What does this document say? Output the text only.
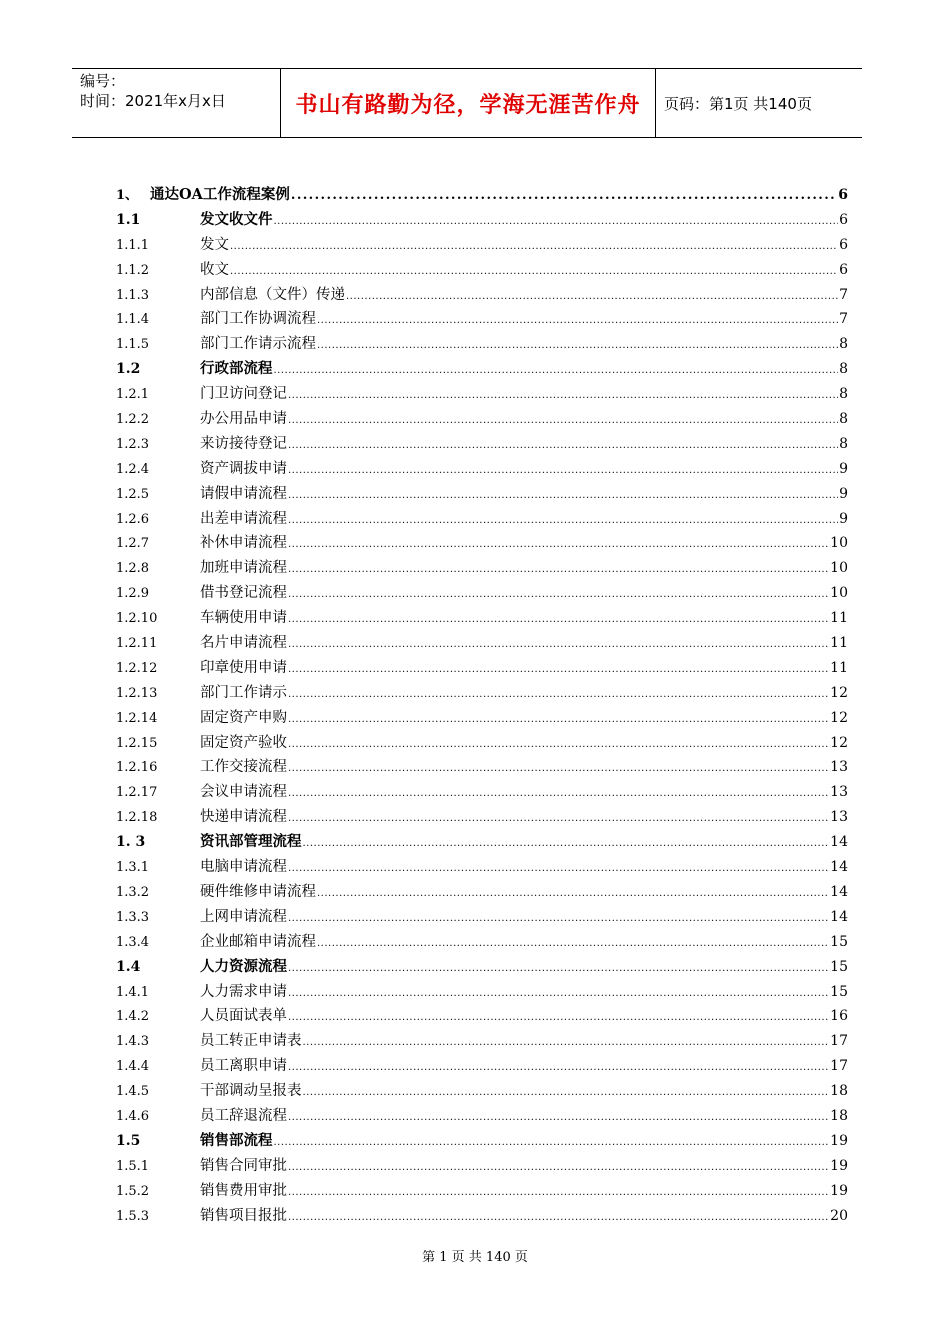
编号：
时间：2021年x月x日	书山有路勤为径，学海无涯苦作舟	页码：第1页 共140页
1、 通达OA工作流程案例 .....	6
1.1	发文收文件 .....	6
1.1.1	发文 .....	6
1.1.2	收文 .....	6
1.1.3	内部信息（文件）传递 .....	7
1.1.4	部门工作协调流程 .....	7
1.1.5	部门工作请示流程 .....	8
1.2	行政部流程 .....	8
1.2.1	门卫访问登记 .....	8
1.2.2	办公用品申请 .....	8
1.2.3	来访接待登记 .....	8
1.2.4	资产调拔申请 .....	9
1.2.5	请假申请流程 .....	9
1.2.6	出差申请流程 .....	9
1.2.7	补休申请流程 .....	10
1.2.8	加班申请流程 .....	10
1.2.9	借书登记流程 .....	10
1.2.10	车辆使用申请 .....	11
1.2.11	名片申请流程 .....	11
1.2.12	印章使用申请 .....	11
1.2.13	部门工作请示 .....	12
1.2.14	固定资产申购 .....	12
1.2.15	固定资产验收 .....	12
1.2.16	工作交接流程 .....	13
1.2.17	会议申请流程 .....	13
1.2.18	快递申请流程 .....	13
1. 3	资讯部管理流程 .....	14
1.3.1	电脑申请流程 .....	14
1.3.2	硬件维修申请流程 .....	14
1.3.3	上网申请流程 .....	14
1.3.4	企业邮箱申请流程 .....	15
1.4	人力资源流程 .....	15
1.4.1	人力需求申请 .....	15
1.4.2	人员面试表单 .....	16
1.4.3	员工转正申请表 .....	17
1.4.4	员工离职申请 .....	17
1.4.5	干部调动呈报表 .....	18
1.4.6	员工辞退流程 .....	18
1.5	销售部流程 .....	19
1.5.1	销售合同审批 .....	19
1.5.2	销售费用审批 .....	19
1.5.3	销售项目报批 .....	20
第 1 页 共 140 页
